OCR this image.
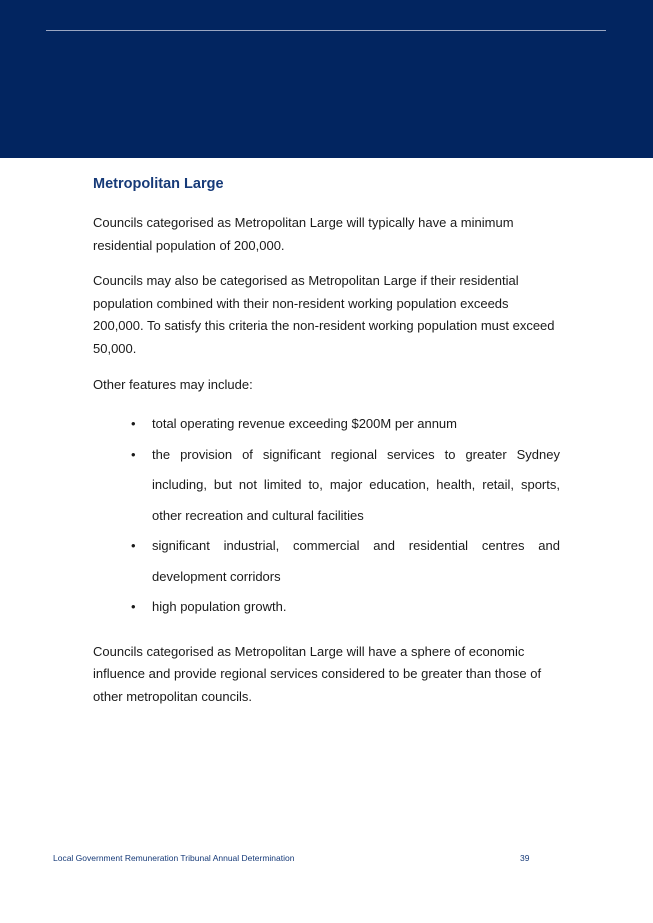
Metropolitan Large

Councils categorised as Metropolitan Large will typically have a minimum residential population of 200,000.

Councils may also be categorised as Metropolitan Large if their residential population combined with their non-resident working population exceeds 200,000. To satisfy this criteria the non-resident working population must exceed 50,000.

Other features may include:

• total operating revenue exceeding $200M per annum
• the provision of significant regional services to greater Sydney including, but not limited to, major education, health, retail, sports, other recreation and cultural facilities
• significant industrial, commercial and residential centres and development corridors
• high population growth.

Councils categorised as Metropolitan Large will have a sphere of economic influence and provide regional services considered to be greater than those of other metropolitan councils.

Local Government Remuneration Tribunal Annual Determination	39
